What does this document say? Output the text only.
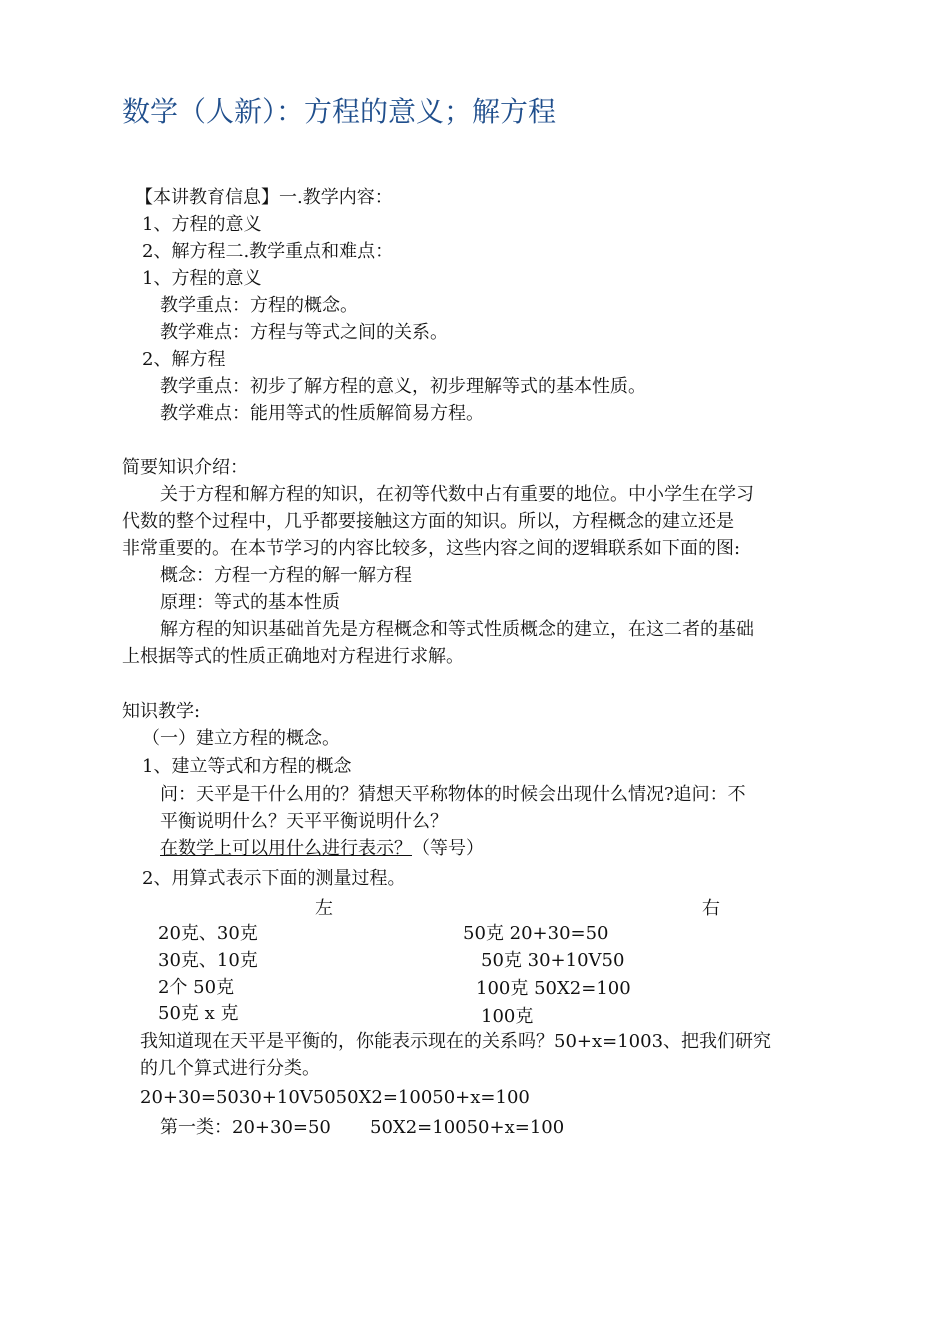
数学（人新）：方程的意义；解方程
【本讲教育信息】一.教学内容：
1、方程的意义
2、解方程二.教学重点和难点：
1、方程的意义
教学重点：方程的概念。
教学难点：方程与等式之间的关系。
2、解方程
教学重点：初步了解方程的意义，初步理解等式的基本性质。
教学难点：能用等式的性质解简易方程。
简要知识介绍：
关于方程和解方程的知识，在初等代数中占有重要的地位。中小学生在学习
代数的整个过程中，几乎都要接触这方面的知识。所以，方程概念的建立还是
非常重要的。在本节学习的内容比较多，这些内容之间的逻辑联系如下面的图:
概念：方程一方程的解一解方程
原理：等式的基本性质
解方程的知识基础首先是方程概念和等式性质概念的建立，在这二者的基础
上根据等式的性质正确地对方程进行求解。
知识教学:
（一）建立方程的概念。
1、建立等式和方程的概念
问：天平是干什么用的？猜想天平称物体的时候会出现什么情况?追问：不
平衡说明什么？天平平衡说明什么？
在数学上可以用什么进行表示？（等号）
2、用算式表示下面的测量过程。
左	右
20克、30克	50克 20+30=50
30克、10克	50克 30+10V50
2个 50克	100克 50X2=100
50克 x 克	100克
我知道现在天平是平衡的，你能表示现在的关系吗？50+x=1003、把我们研究
的几个算式进行分类。
20+30=5030+10V5050X2=10050+x=100
第一类：20+30=50 50X2=10050+x=100
